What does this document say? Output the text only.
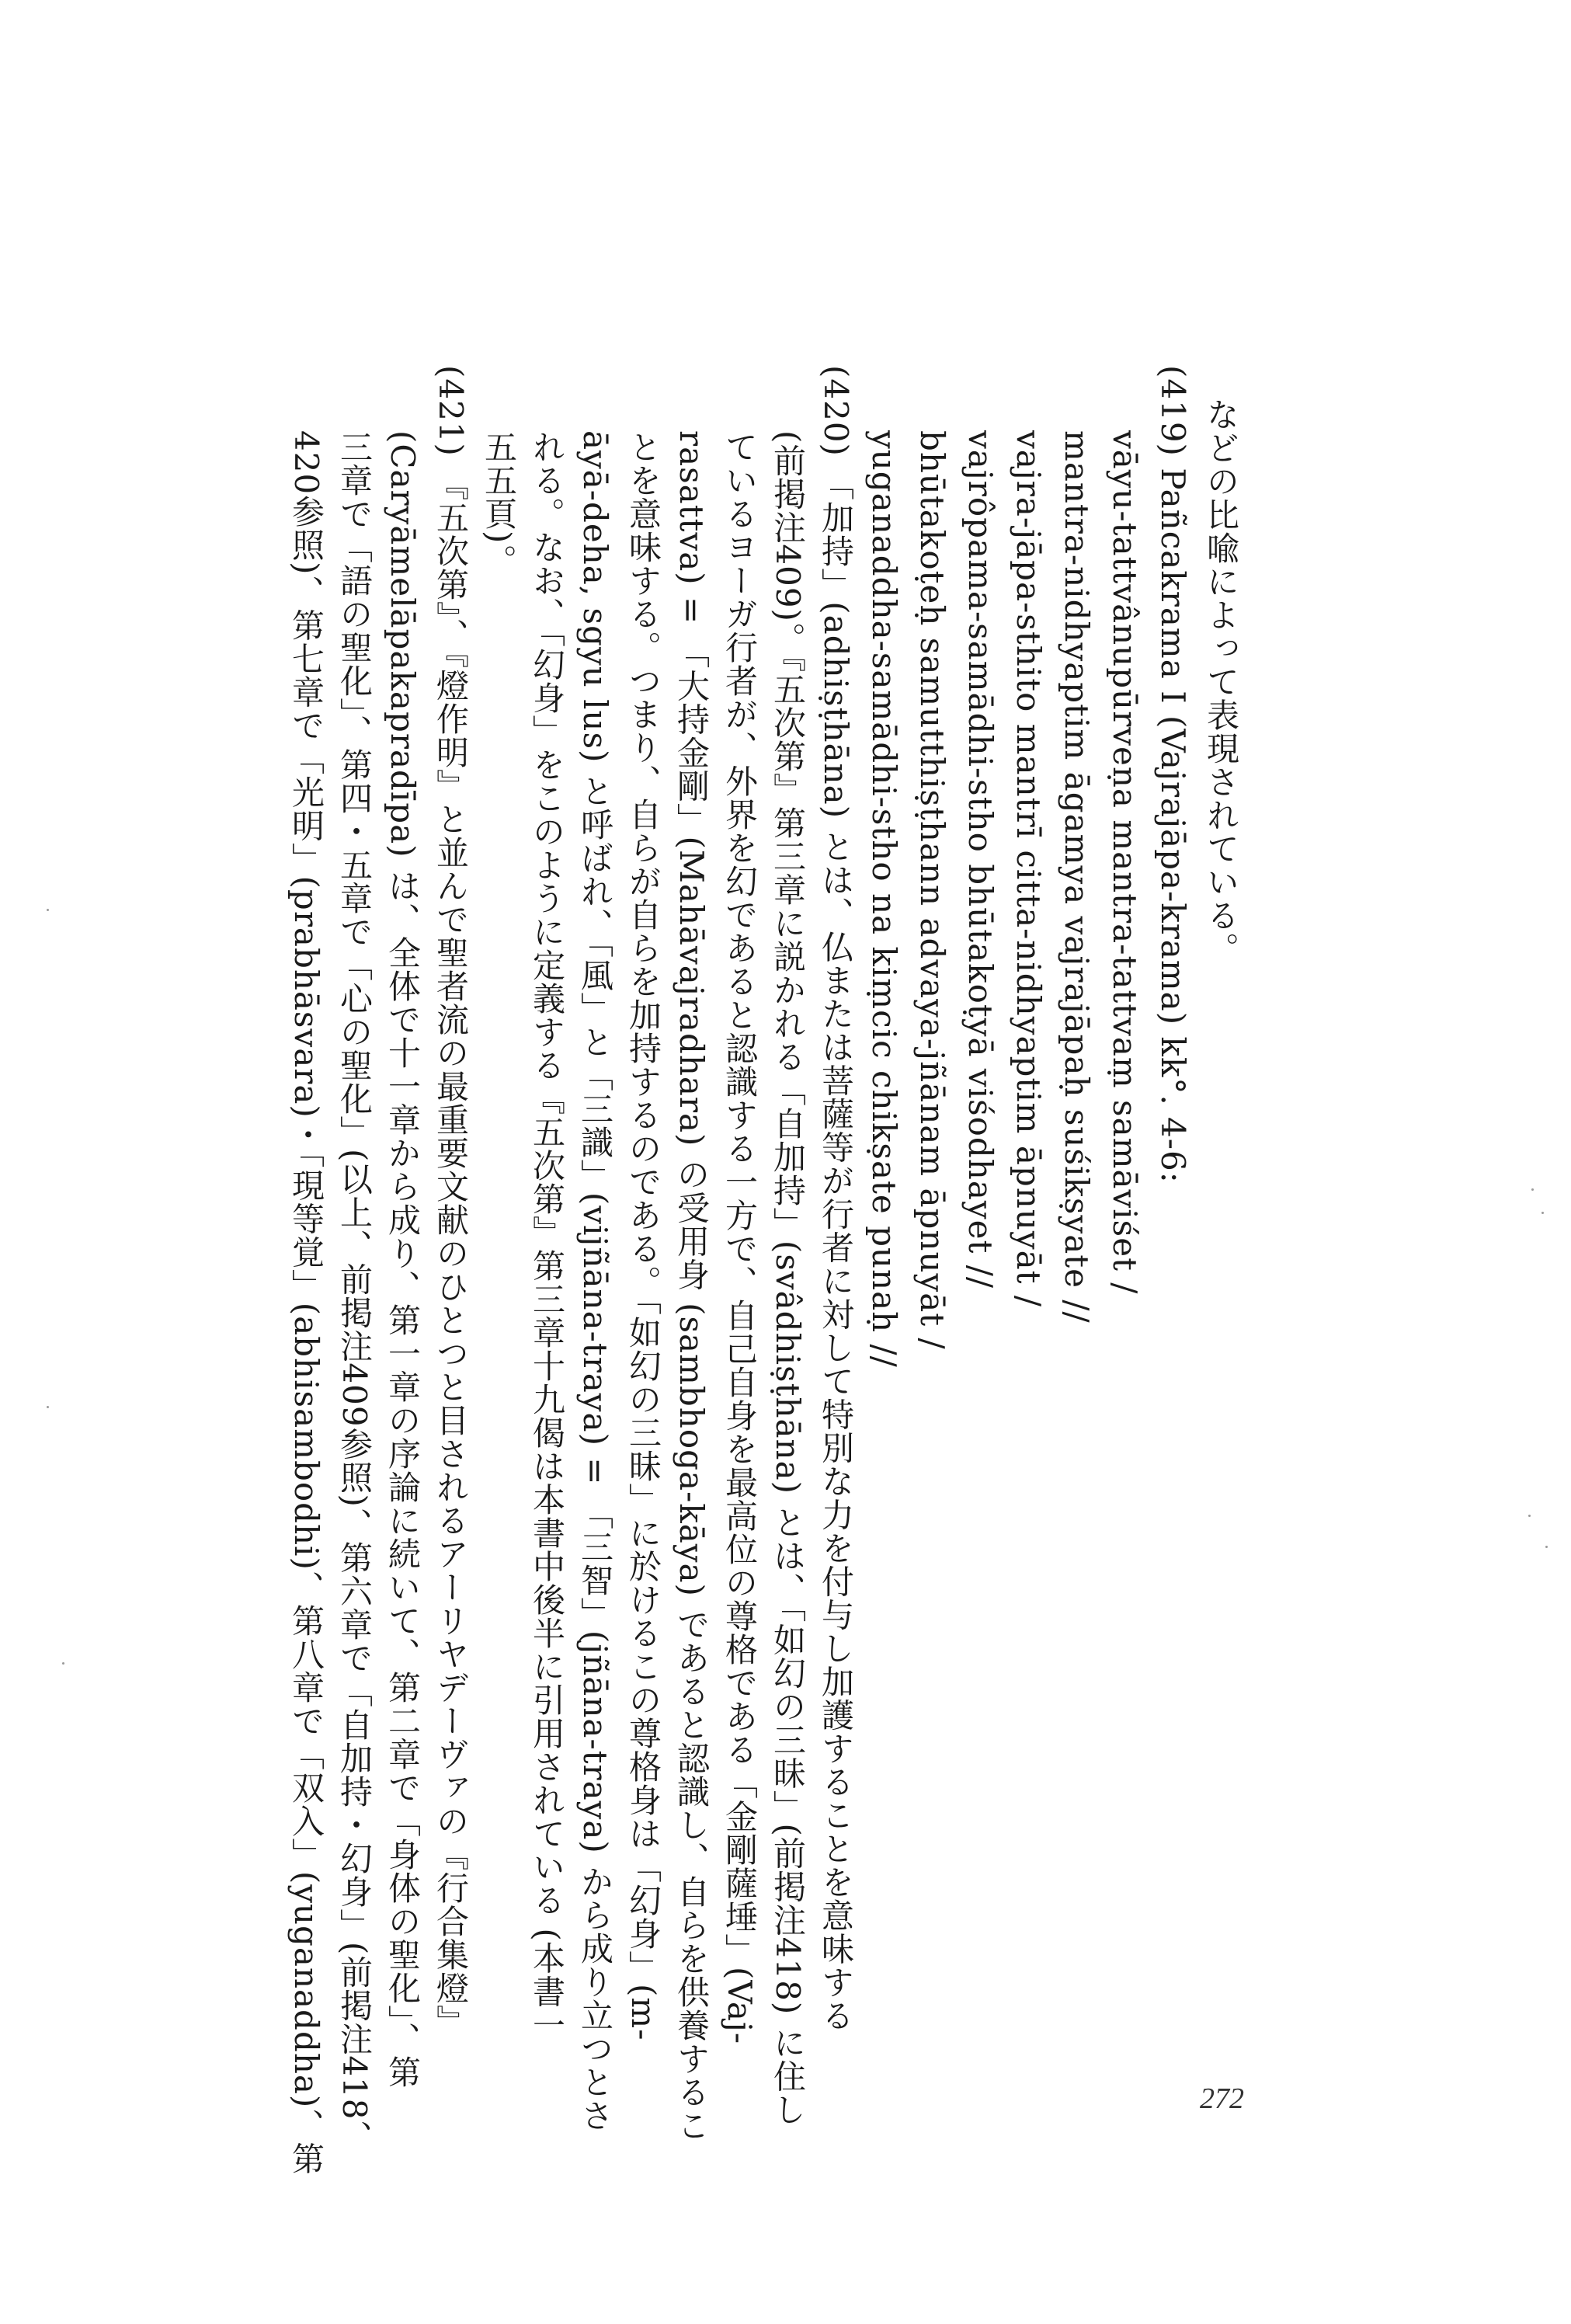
などの比喩によって表現されている。
(419) Pañcakrama I (Vajrajāpa-krama) kk°. 4-6:
vāyu-tattvânupūrveṇa mantra-tattvaṃ samāviśet /
mantra-nidhyaptim āgamya vajrajāpaḥ suśikṣyate //
vajra-jāpa-sthito mantrī citta-nidhyaptim āpnuyāt /
vajrôpama-samādhi-stho bhūtakoṭyā viśodhayet //
bhūtakoṭeḥ samutthiṣṭhann advaya-jñānam āpnuyāt /
yuganaddha-samādhi-stho na kiṃcic chikṣate punaḥ //
(420) 「加持」(adhiṣṭhāna) とは、仏または菩薩等が行者に対して特別な力を付与し加護することを意味する
(前掲注409)。『五次第』第三章に説かれる「自加持」(svâdhiṣṭhāna) とは、「如幻の三昧」(前掲注418) に住し
ているヨーガ行者が、外界を幻であると認識する一方で、自己自身を最高位の尊格である「金剛薩埵」(Vaj-
rasattva) = 「大持金剛」(Mahāvajradhara) の受用身 (sambhoga-kāya) であると認識し、自らを供養するこ
とを意味する。つまり、自らが自らを加持するのである。「如幻の三昧」に於けるこの尊格身は「幻身」(m-
āyā-deha, sgyu lus) と呼ばれ、「風」と「三識」(vijñāna-traya) = 「三智」(jñāna-traya) から成り立つとさ
れる。なお、「幻身」をこのように定義する『五次第』第三章十九偈は本書中後半に引用されている (本書一
五五頁)。
(421) 『五次第』、『燈作明』と並んで聖者流の最重要文献のひとつと目されるアーリヤデーヴァの『行合集燈』
(Caryāmelāpakapradīpa) は、全体で十一章から成り、第一章の序論に続いて、第二章で「身体の聖化」、第
三章で「語の聖化」、第四・五章で「心の聖化」(以上、前掲注409参照)、第六章で「自加持・幻身」(前掲注418、
420参照)、第七章で「光明」(prabhāsvara)・「現等覚」(abhisambodhi)、第八章で「双入」(yuganaddha)、第	272
